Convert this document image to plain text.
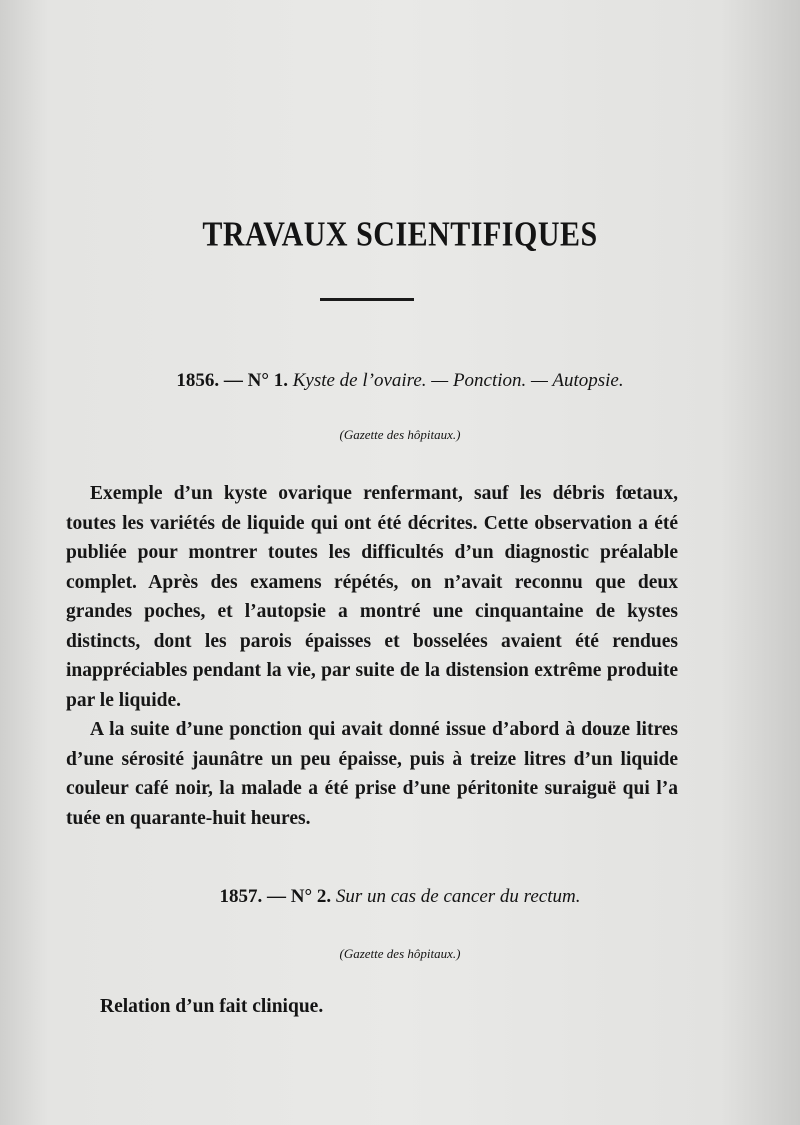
TRAVAUX SCIENTIFIQUES
1856. — N° 1. Kyste de l’ovaire. — Ponction. — Autopsie.
(Gazette des hôpitaux.)

Exemple d’un kyste ovarique renfermant, sauf les débris fœtaux, toutes les variétés de liquide qui ont été décrites. Cette observation a été publiée pour montrer toutes les difficultés d’un diagnostic préalable complet. Après des examens répétés, on n’avait reconnu que deux grandes poches, et l’autopsie a montré une cinquantaine de kystes distincts, dont les parois épaisses et bosselées avaient été rendues inappréciables pendant la vie, par suite de la distension extrême produite par le liquide.

A la suite d’une ponction qui avait donné issue d’abord à douze litres d’une sérosité jaunâtre un peu épaisse, puis à treize litres d’un liquide couleur café noir, la malade a été prise d’une péritonite suraiguë qui l’a tuée en quarante-huit heures.

1857. — N° 2. Sur un cas de cancer du rectum.
(Gazette des hôpitaux.)
Relation d’un fait clinique.
